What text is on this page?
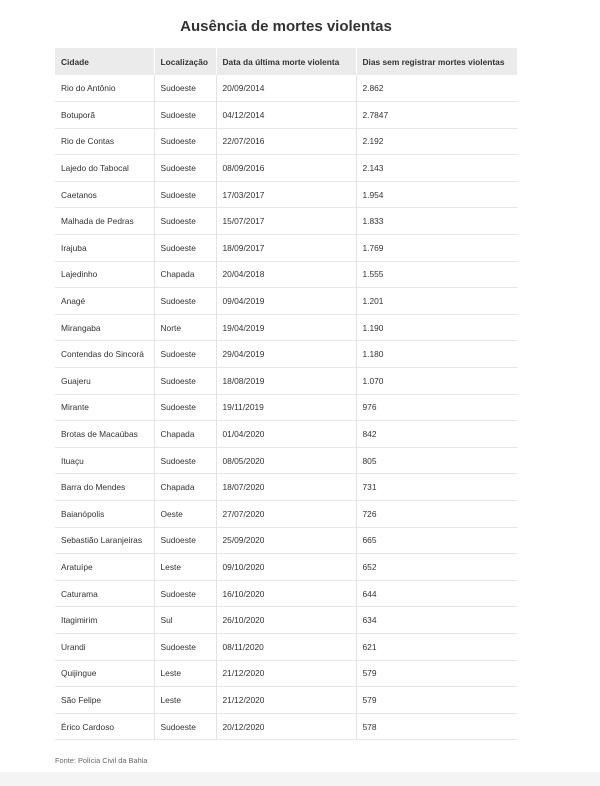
Ausência de mortes violentas
Cidade	Localização	Data da última morte violenta	Dias sem registrar mortes violentas
Rio do Antônio	Sudoeste	20/09/2014	2.862
Botuporã	Sudoeste	04/12/2014	2.7847
Rio de Contas	Sudoeste	22/07/2016	2.192
Lajedo do Tabocal	Sudoeste	08/09/2016	2.143
Caetanos	Sudoeste	17/03/2017	1.954
Malhada de Pedras	Sudoeste	15/07/2017	1.833
Irajuba	Sudoeste	18/09/2017	1.769
Lajedinho	Chapada	20/04/2018	1.555
Anagé	Sudoeste	09/04/2019	1.201
Mirangaba	Norte	19/04/2019	1.190
Contendas do Sincorá	Sudoeste	29/04/2019	1.180
Guajeru	Sudoeste	18/08/2019	1.070
Mirante	Sudoeste	19/11/2019	976
Brotas de Macaúbas	Chapada	01/04/2020	842
Ituaçu	Sudoeste	08/05/2020	805
Barra do Mendes	Chapada	18/07/2020	731
Baianópolis	Oeste	27/07/2020	726
Sebastião Laranjeiras	Sudoeste	25/09/2020	665
Aratuípe	Leste	09/10/2020	652
Caturama	Sudoeste	16/10/2020	644
Itagimirim	Sul	26/10/2020	634
Urandi	Sudoeste	08/11/2020	621
Quijingue	Leste	21/12/2020	579
São Felipe	Leste	21/12/2020	579
Érico Cardoso	Sudoeste	20/12/2020	578
Fonte: Polícia Civil da Bahia
